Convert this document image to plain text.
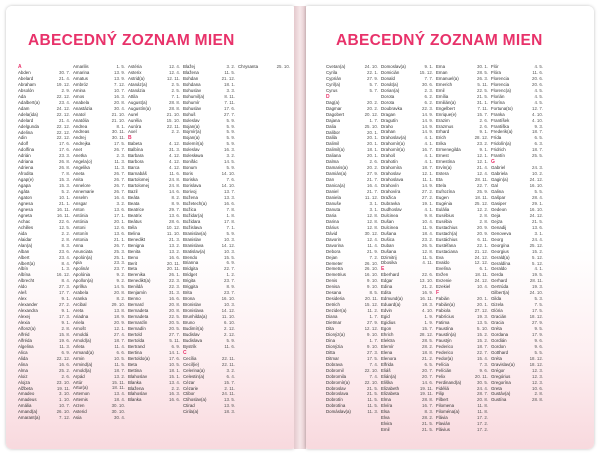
ABECEDNÝ ZOZNAM MIEN
A
Abden	30. 7.
Abelard	21. 4.
Abraham	19. 12.
Absolón	2. 9.
Ada	22. 12.
Adalbert(a)	23. 4.
Adam	24. 12.
Adela(ida)	22. 12.
Adelard	21. 4.
Adelgunda	22. 12.
Adelina	22. 12.
Adin	22. 12.
Adolf	17. 6.
Adolfína	17. 6.
Adrián	23. 3.
Adriana	26. 8.
Adriena	26. 8.
Afrodita	7. 8.
Agap(e)	15. 3.
Agapa	15. 3.
Agáta	5. 2.
Agaton	10. 1.
Agnesa	21. 1.
Agnesa	16. 11.
Agneta	16. 11.
Achac	22. 6.
Achilles	12. 5.
Aida	2. 2.
Alaidar	2. 8.
Alan(a)	8. 3.
Alban	23. 6.
Albert	23. 4.
Albert(a)	8. 4.
Albín	1. 3.
Albína	16. 12.
Albrecht	8. 4.
Aldo	27. 3.
Aleš	17. 7.
Alex	9. 1.
Alexander	27. 2.
Alexandra	9. 1.
Alexej	17. 3.
Alexia	9. 1.
Alfonz(a)	2. 8.
Alfréd	15. 8.
Alfréda	19. 6.
Algelina	11. 3.
Alica	6. 9.
Alida	22. 12.
Alina	16. 6.
Alma	25. 2.
Aloiz	2. 6.
Alojza	23. 10.
Alžbeta	19. 11.
Amadeo	3. 10.
Amadeus	1. 10.
Amália	10. 7.
Amand(a)	26. 10.
Amarant(a)	7. 12.
Amarilis	1. 5.
Amarina	13. 9.
Amatus	13. 9.
Ambróz	7. 12.
Amina	10. 7.
Amos	16. 3.
Anabela	20. 8.
Anastázia	30. 4.
Anatol	21. 10.
Anatólia	21. 10.
Andrea	8. 1.
Andreas	30. 11.
Andrej	30. 11.
Andrejka	17. 5.
Anet	26. 7.
Anetka	2. 3.
Angela(o)	11. 3.
Angelika	11. 3.
Aneta	26. 7.
Anita	26. 7.
Annelore	26. 7.
Annemarie	26. 7.
Anselm	16. 4.
Ansgar	3. 2.
Anton	13. 6.
Antónia	17. 1.
Antónia	20. 1.
Antoni	12. 6.
Antonín	13. 6.
Antonia	21. 1.
Anna	26. 7.
Anunciata	25. 3.
Apolón(a)	25. 1.
Apia	23. 3.
Apolinár	23. 7.
Apolónia	9. 2.
Apollon(a)	9. 2.
Aprílka	14. 5.
Arabela	20. 8.
Aranka	8. 2.
Arcibal	29. 10.
Areta	13. 8.
Ariadna	18. 9.
Ariela	20. 9.
Arnošt	12. 1.
Arnoldá	27. 4.
Arnold(a)	18. 7.
Arleta	11. 4.
Armand(a)	6. 6.
Armin	10. 5.
Armind(a)	11. 5.
Arnold(a)	18. 7.
Arpád	13. 2.
Artúr	15. 11.
Artur(a)	18. 11.
Artemon	13. 4.
Artemis	18. 4.
Arzen	30. 10.
Asterid	30. 10.
Asia	30. 4.
Astéria	12. 4.
Asterix	12. 4.
Astrid(a)	12. 11.
Atanáz(a)	2. 5.
Atanázia	2. 5.
Attila	7. 1.
August(a)	28. 8.
Augustín(a)	28. 8.
Aurel	21. 10.
Aurélia	15. 10.
Auróra	22. 11.
Axel	2. 2.
B
Babeta	4. 12.
Balbína	31. 3.
Barbara	4. 12.
Barbora	4. 12.
Barca	4. 12.
Barnabáš	11. 6.
Bartolomej	24. 8.
Bartolomej	24. 8.
Bazil	14. 6.
Beáta	8. 2.
Beata	8. 9.
Beatrice	29. 7.
Beatrix	13. 6.
Beátus	28. 6.
Béla	10. 12.
Belina	11. 10.
Benedikt	21. 3.
Benigna	13. 2.
Benita	13. 2.
Beno	16. 6.
Berit	20. 11.
Beta	20. 11.
Berenika	26. 1.
Benedikt(a)	22. 3.
Benildá	22. 3.
Benjamín	31. 3.
Benno	16. 6.
Bernard	20. 8.
Bernadeta	20. 8.
Bernadeta	22. 5.
Bernardín	20. 5.
Bernadín	20. 5.
Bertold	27. 7.
Bertolda	5. 11.
Bertrand	6. 9.
Bertina	14. 1.
Bertoldo(a)	17. 6.
Beta	10. 5.
Bettina	18. 1.
Blahoslav	15. 1.
Blanka	13. 4.
Blažena	2. 2.
Blahoslav	16. 3.
Blanka	16. 6.
Blažej	3. 2.
Blažena	11. 5.
Bohdan	21. 12.
Bohdana	18. 1.
Bohuslav	3. 3.
Bohumil(a)	8. 11.
Bohumír	7. 11.
Bohuslav	17. 6.
Bohuš	27. 7.
Boleslav	5. 9.
Bojan(a)	5. 9.
Bojmír(a)	5. 9.
Bojan(a)	5. 9.
Bolemír(a)	5. 9.
Boleslav	16. 3.
Bolesława	3. 2.
Bonifác	14. 5.
Bonum	5. 9.
Boris	14. 10.
Boriska	7. 6.
Borislava	14. 10.
Borivoj	13. 7.
Božena	13. 3.
Božetech(a)	16. 6.
Božica	7. 8.
Božidar(a)	1. 8.
Božidara	17. 8.
Božislava	7. 1.
Branislav(a)	5. 9.
Branislav	10. 3.
Branislava	14. 12.
Bratislav(a)	10. 3.
Brendo	15. 5.
Brianna	6. 9.
Bridgita	22. 7.
Bridget	1. 2.
Brigita	23. 7.
Briggita	8. 9.
Brita	23. 7.
Brona	16. 10.
Bronislav	10. 3.
Bronislava	14. 12.
Brunhilda(a)	11. 10.
Bruno	6. 10.
Budimír(a)	2. 12.
Budislav	2. 12.
Budislava	5. 9.
Bystrík	11. 6.
C
Cecília	22. 11.
Cecil(ie)	22. 11.
Celerina(a)	3. 2.
Celestin(a)	6. 4.
Cézar	15. 7.
Cézarie	2. 11.
Ctibor	24. 11.
Ctihoslav(a)	13. 5.
Ctirad	13. 9.
Cirila(a)	18. 3.
Chrysanta	25. 10.
ABECEDNÝ ZOZNAM MIEN
Cvetan(a)	24. 10.
Cyrila	22. 1.
Cyprián	27. 9.
Cyril(a)	5. 7.
Cyrus	5. 7.
D
Dag(a)	20. 2.
Dagmar	20. 2.
Dagobert	20. 12.
Dajana	1. 7.
Dalia	25. 10.
Dalibor	20. 1.
Dalila	20. 1.
Dalimil	20. 1.
Dalimil(a)	18. 1.
Daliana	20. 1.
Dalma	2. 6.
Damaris(a)	20. 2.
Damián(a)	27. 9.
Dan	21. 7.
Danica(a)	16. 4.
Daniel	21. 7.
Daniela	11. 12.
Danuše	3. 1.
Danuta	3. 1.
Daria	12. 8.
Darina	12. 8.
Dárius	12. 8.
Dávid	30. 12.
Davorin	12. 4.
Davorina	11. 4.
Debora	21. 9.
Dejan	7. 2.
Demeter	26. 10.
Demetra	26. 10.
Demetrius	16. 10.
Denis	9. 10.
Denisa	9. 10.
Desana	8. 5.
Desideria	20. 11.
Detrich	15. 12.
Dezider(a)	11. 2.
Diana	1. 7.
Dietmar	27. 9.
Dita	12. 12.
Dionýz(a)	9. 10.
Dina	1. 7.
Dionýzia	9. 10.
Ditta	27. 3.
Ditmar	17. 5.
Dobrava	7. 4.
Dobromil	22. 10.
Dobromila	7. 4.
Dobromír(a)	22. 10.
Dobroslav	21. 5.
Dobroslava	21. 5.
Dobrotín	11. 5.
Dobrotína	11. 5.
Domáslav(a)	11. 3.
Domoslav(a)	9. 1.
Domicián	15. 12.
Donald	7. 7.
Donát(a)	30. 6.
Dorian(a)	2. 3.
Dorota	6. 2.
Dorota	6. 2.
Doubravka	22. 3.
Dragan	14. 9.
Dragutín	14. 9.
Draho	14. 9.
Drahan	14. 9.
Drahoslav(a)	4. 1.
Drahomír(a)	4. 1.
Drahomír(a)	16. 7.
Drahoš	4. 1.
Drahotín	4. 1.
Drahomíra	18. 7.
Drahoslav	12. 1.
Drahoslava	11. 1.
Drahovín	14. 9.
Drahovíra	27. 2.
Dražica	27. 2.
Dubravka	19. 1.
Dudhoslav	4. 1.
Dulcinea	9. 8.
Dušan	10. 4.
Dulcinea	11. 9.
Dušana	18. 4.
Dušica	23. 2.
Duban	26. 5.
Dušana	12. 8.
Dzimitrij	11. 5.
Dbosika	4. 11.
E
Eberhard	22. 6.
Edgar	13. 10.
Edina	21. 2.
Edita	16. 9.
Edmund(a)	16. 11.
Eduard(a)	18. 3.
Edvin	4. 10.
Egid	1. 9.
Egidius	1. 9.
Egon	15. 7.
Ehrich	28. 12.
Elektra	28. 5.
Elemír	28. 2.
Elena	18. 8.
Elenora	21. 2.
Elfrida	6. 5.
Eliáš	20. 7.
Elián(a)	20. 7.
Eliška	14. 6.
Elizabeth	19. 11.
Elizabeta	19. 11.
Elma	28. 8.
Elvíra	16. 7.
Elsa	8. 3.
Elva	28. 2.
Elvira	21. 5.
Emil	21. 5.
Ema	30. 1.
Eman	28. 5.
Emanuel(a)	26. 3.
Emerich	5. 11.
Emil	22. 5.
Emília	21. 5.
Emilián(a)	31. 1.
Engelbert	7. 11.
Enrique(e)	15. 7.
Erazim	2. 6.
Erazmus	2. 6.
Erhard	9. 1.
Erich	28. 12.
Erika	23. 2.
Ermenegilda	9. 1.
Ernest	12. 1.
Ernestína	12. 1.
Ervín(a)	21. 4.
Estera	12. 4.
Eta	28. 11.
Etela	22. 7.
Eufrozína	25. 9.
Eugen	18. 11.
Eugénia	25. 12.
Eulália	12. 2.
Eusébius	2. 8.
Eusébia	2. 8.
Eustachius	20. 9.
Eustach(a)	20. 9.
Eustáchius	6. 11.
Eustéfana	22. 1.
Eustaciana	21. 12.
Eva	24. 12.
Evaldo	12. 12.
Evelína	6. 1.
Evžen	18. 11.
Evzenie	24. 12.
Ezekiel	10. 4.
F
Fabián	20. 1.
Fabián(a)	20. 1.
Fabiola	27. 12.
Fabrícius	19. 3.
Fatima	13. 5.
Faustína	5. 10.
Faustín(a)	15. 2.
Faustýn	15. 2.
Federico	18. 7.
Federico	22. 7.
Fedor(a)	15. 4.
Felícia	7. 3.
Felícián	9. 6.
Felix	20. 11.
Ferdinand(a)	30. 5.
Fidéliá	24. 4.
Filip	28. 7.
Filbert	20. 8.
Filomena	11. 8.
Filoména(a)	11. 8.
Flávia	17. 2.
Flavián	17. 2.
Flávius	17. 2.
Flór	4. 5.
Flóra	11. 6.
Florencia	20. 6.
Florencia	20. 6.
Florenc(a)	4. 5.
Florián	4. 5.
Florína	4. 5.
Fortuna(to)	12. 7.
Franka	4. 10.
Frantíšek	4. 10.
Františka	9. 3.
Frederik(a)	18. 7.
Frída	6. 5.
Fridolín(a)	6. 3.
Fridrich	18. 7.
Frantín	25. 5.
G
Gabriel	24. 3.
Gabriela	10. 2.
Gagin(a)	24. 12.
Gal	16. 10.
Galina	5. 5.
Gašpar	28. 4.
Gasiper	29. 1.
Gedeon	16. 10.
Geja	24. 12.
Gejza	21. 5.
Genadij	13. 6.
Genoveva	3. 1.
Georg	24. 4.
Georgína	25. 12.
Georgius	15. 2.
Gerald(a)	5. 12.
Geraldína	5. 12.
Geraldo	4. 1.
Gerda	19. 5.
Gerhard	28. 11.
Gertrúda	19. 3.
Gilbert(a)	24. 10.
Gilda	5. 3.
Gizela	7. 5.
Glória	17. 5.
Gracián	18. 12.
Gracia	27. 9.
Gréta	9. 5.
Gordana	17. 9.
Gordián	9. 6.
Gordon	9. 6.
Gotthard	5. 5.
Gréta	18. 12.
Gravislav(a)	18. 12.
Grégor	12. 3.
Gregórius	12. 3.
Gregorína	12. 3.
Greta	10. 6.
Gustáv(a)	2. 8.
Gustína	28. 8.
